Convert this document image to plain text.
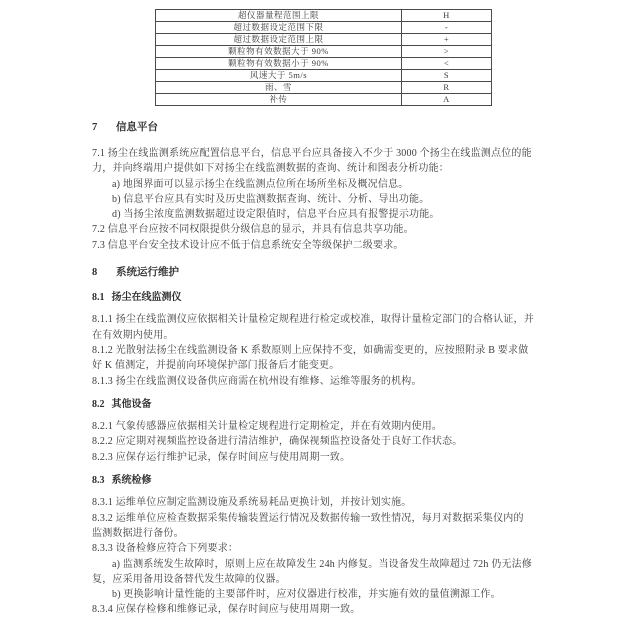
超仪器量程范围上限	H
超过数据设定范围下限	-
超过数据设定范围上限	+
颗粒物有效数据大于 90%	>
颗粒物有效数据小于 90%	<
风速大于 5m/s	S
雨、雪	R
补传	A
7 信息平台
7.1 扬尘在线监测系统应配置信息平台，信息平台应具备接入不少于 3000 个扬尘在线监测点位的能
力，并向终端用户提供如下对扬尘在线监测数据的查询、统计和图表分析功能：
a) 地图界面可以显示扬尘在线监测点位所在场所坐标及概况信息。
b) 信息平台应具有实时及历史监测数据查询、统计、分析、导出功能。
d) 当扬尘浓度监测数据超过设定限值时，信息平台应具有报警提示功能。
7.2 信息平台应按不同权限提供分级信息的显示，并具有信息共享功能。
7.3 信息平台安全技术设计应不低于信息系统安全等级保护二级要求。
8 系统运行维护
8.1 扬尘在线监测仪
8.1.1 扬尘在线监测仪应依据相关计量检定规程进行检定或校准，取得计量检定部门的合格认证，并
在有效期内使用。
8.1.2 光散射法扬尘在线监测设备 K 系数原则上应保持不变，如确需变更的，应按照附录 B 要求做
好 K 值测定，并提前向环境保护部门报备后才能变更。
8.1.3 扬尘在线监测仪设备供应商需在杭州设有维修、运维等服务的机构。
8.2 其他设备
8.2.1 气象传感器应依据相关计量检定规程进行定期检定，并在有效期内使用。
8.2.2 应定期对视频监控设备进行清洁维护，确保视频监控设备处于良好工作状态。
8.2.3 应保存运行维护记录，保存时间应与使用周期一致。
8.3 系统检修
8.3.1 运维单位应制定监测设施及系统易耗品更换计划，并按计划实施。
8.3.2 运维单位应检查数据采集传输装置运行情况及数据传输一致性情况，每月对数据采集仪内的
监测数据进行备份。
8.3.3 设备检修应符合下列要求：
a) 监测系统发生故障时，原则上应在故障发生 24h 内修复。当设备发生故障超过 72h 仍无法修
复，应采用备用设备替代发生故障的仪器。
b) 更换影响计量性能的主要部件时，应对仪器进行校准，并实施有效的量值溯源工作。
8.3.4 应保存检修和维修记录，保存时间应与使用周期一致。
